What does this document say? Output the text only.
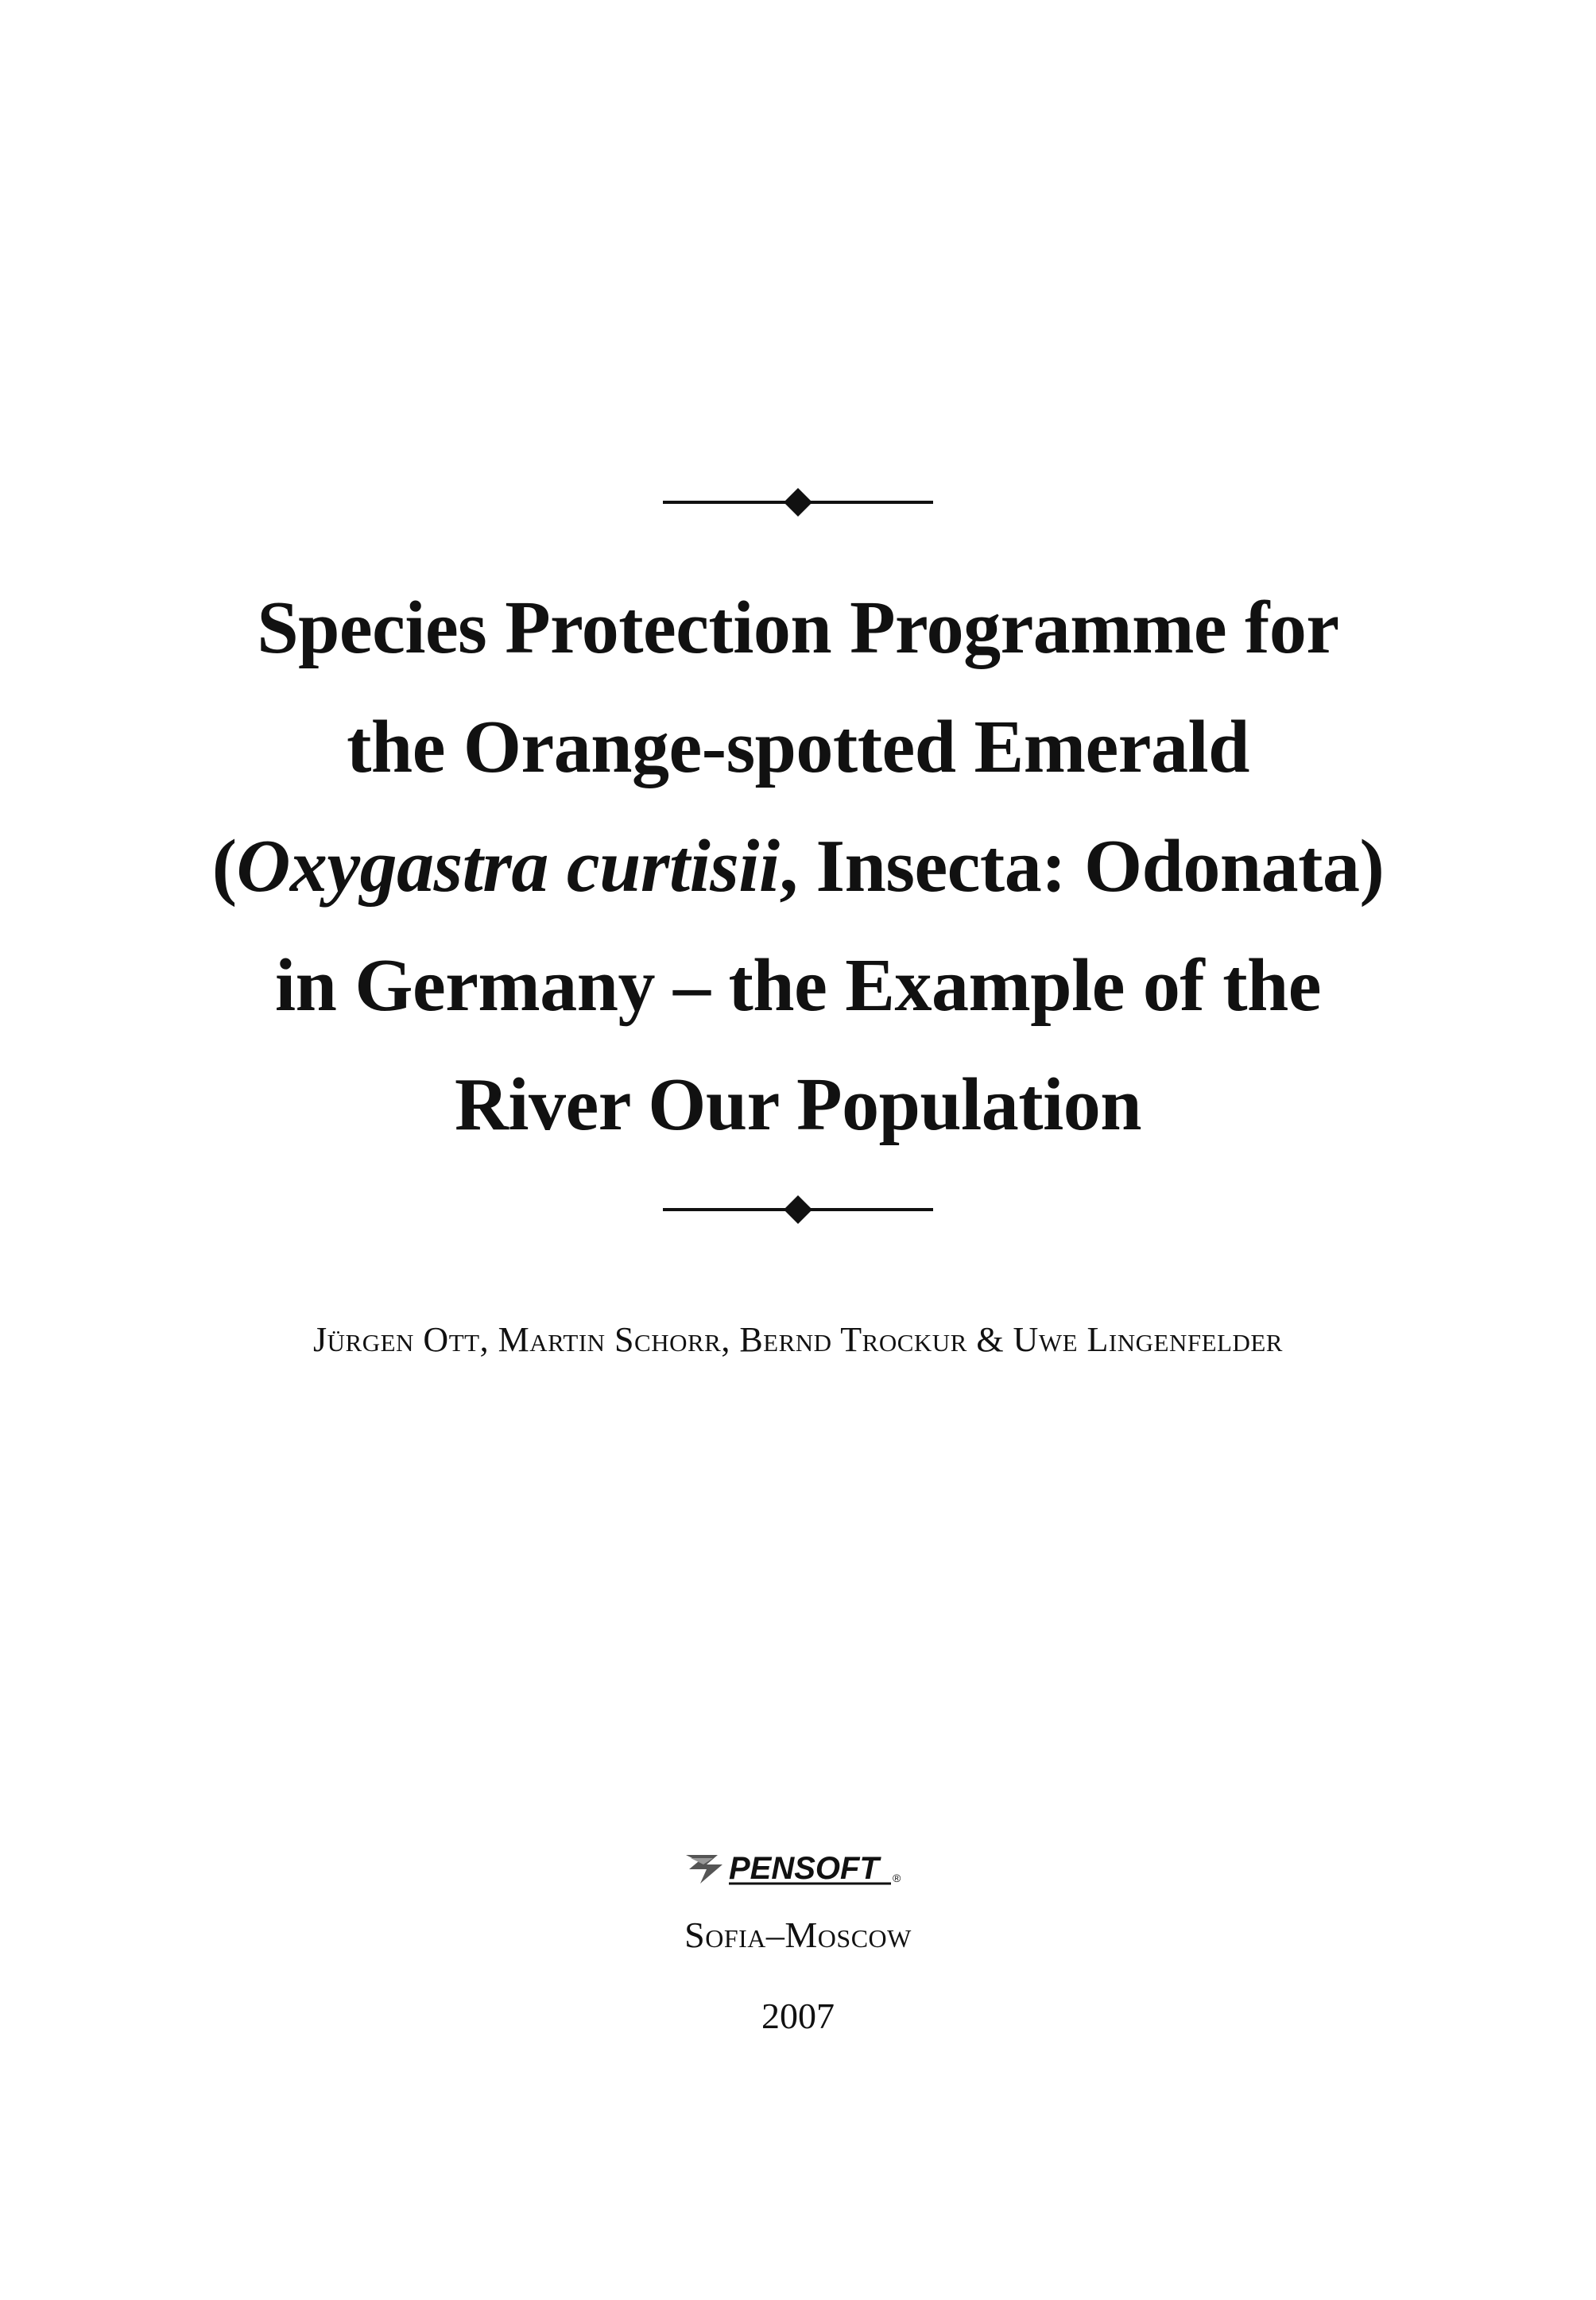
Species Protection Programme for
the Orange-spotted Emerald
(Oxygastra curtisii, Insecta: Odonata)
in Germany – the Example of the
River Our Population
Jürgen Ott, Martin Schorr, Bernd Trockur & Uwe Lingenfelder
PENSOFT ®
Sofia–Moscow
2007
